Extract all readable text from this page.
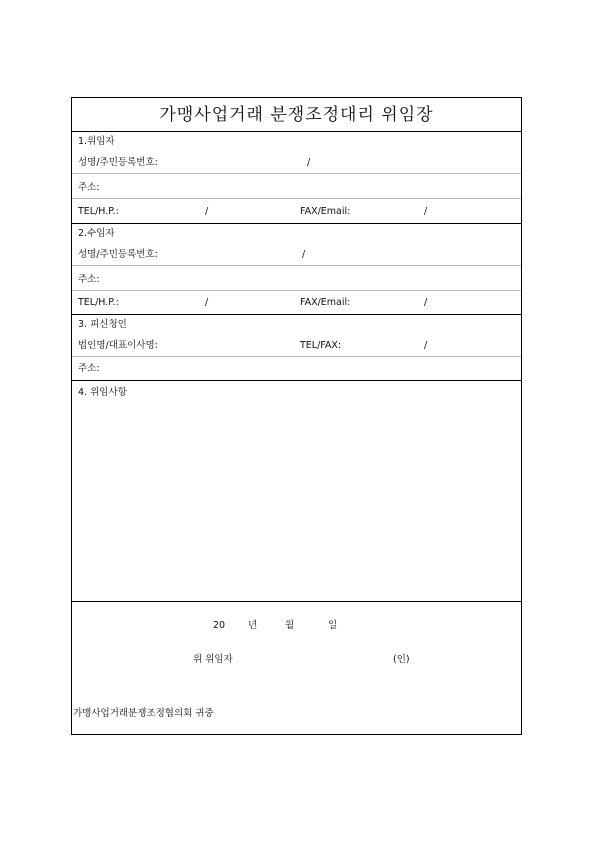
가맹사업거래 분쟁조정대리 위임장
1.위임자
성명/주민등록번호:	/
주소:
TEL/H.P.:	/	FAX/Email:	/
2.수임자
성명/주민등록번호:	/
주소:
TEL/H.P.:	/	FAX/Email:	/
3. 피신청인
법인명/대표이사명:	TEL/FAX:	/
주소:
4. 위임사항
20 년	월	일
위 위임자	(인)
가맹사업거래분쟁조정협의회 귀중
